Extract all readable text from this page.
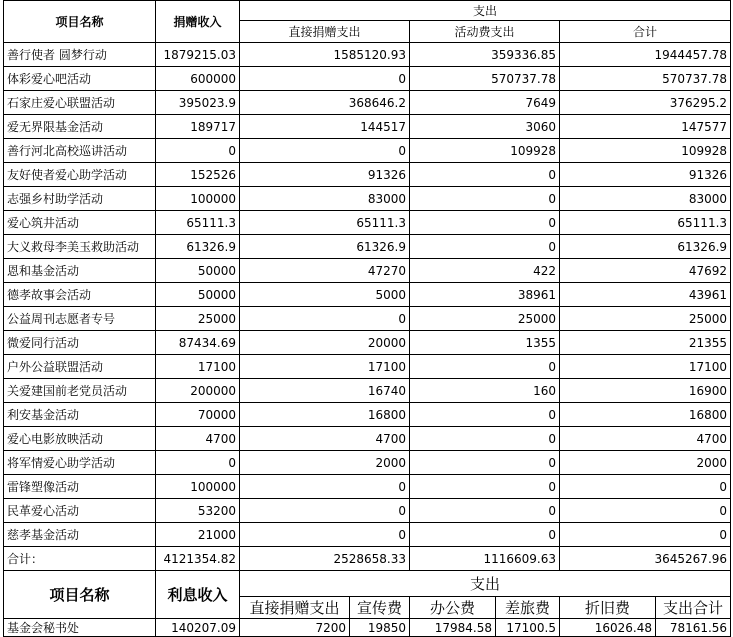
项目名称	捐赠收入	支出		
		直接捐赠支出	活动费支出	合计
善行使者 圆梦行动	1879215.03	1585120.93	359336.85	1944457.78
体彩爱心吧活动	600000	0	570737.78	570737.78
石家庄爱心联盟活动	395023.9	368646.2	7649	376295.2
爱无界限基金活动	189717	144517	3060	147577
善行河北高校巡讲活动	0	0	109928	109928
友好使者爱心助学活动	152526	91326	0	91326
志强乡村助学活动	100000	83000	0	83000
爱心筑井活动	65111.3	65111.3	0	65111.3
大义救母李美玉救助活动	61326.9	61326.9	0	61326.9
恩和基金活动	50000	47270	422	47692
德孝故事会活动	50000	5000	38961	43961
公益周刊志愿者专号	25000	0	25000	25000
微爱同行活动	87434.69	20000	1355	21355
户外公益联盟活动	17100	17100	0	17100
关爱建国前老党员活动	200000	16740	160	16900
利安基金活动	70000	16800	0	16800
爱心电影放映活动	4700	4700	0	4700
将军情爱心助学活动	0	2000	0	2000
雷锋塑像活动	100000	0	0	0
民革爱心活动	53200	0	0	0
慈孝基金活动	21000	0	0	0
合计：	4121354.82	2528658.33	1116609.63	3645267.96
项目名称	利息收入	支出					
		直接捐赠支出	宣传费	办公费	差旅费	折旧费	支出合计
基金会秘书处	140207.09	7200	19850	17984.58	17100.5	16026.48	78161.56
